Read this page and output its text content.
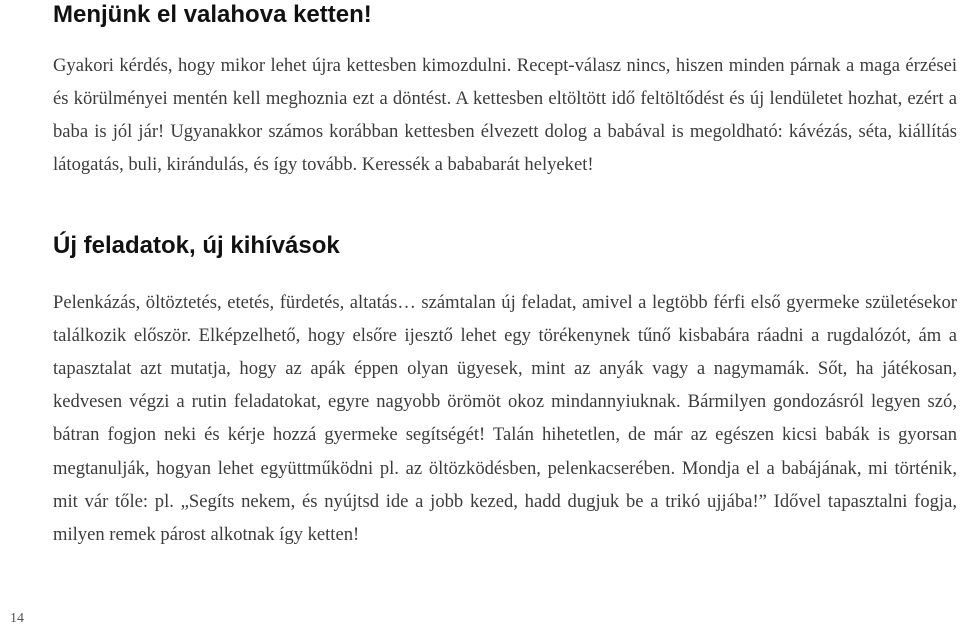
Menjünk el valahova ketten!

Gyakori kérdés, hogy mikor lehet újra kettesben kimozdulni. Recept-válasz nincs, hiszen minden párnak a maga érzései és körülményei mentén kell meghoznia ezt a döntést. A kettesben eltöltött idő feltöltődést és új lendületet hozhat, ezért a baba is jól jár! Ugyanakkor számos korábban kettesben élvezett dolog a babával is megoldható: kávézás, séta, kiállítás látogatás, buli, kirándulás, és így tovább. Keressék a bababarát helyeket!

Új feladatok, új kihívások

Pelenkázás, öltöztetés, etetés, fürdetés, altatás… számtalan új feladat, amivel a legtöbb férfi első gyermeke születésekor találkozik először. Elképzelhető, hogy elsőre ijesztő lehet egy törékenynek tűnő kisbabára ráadni a rugdalózót, ám a tapasztalat azt mutatja, hogy az apák éppen olyan ügyesek, mint az anyák vagy a nagymamák. Sőt, ha játékosan, kedvesen végzi a rutin feladatokat, egyre nagyobb örömöt okoz mindannyiuknak. Bármilyen gondozásról legyen szó, bátran fogjon neki és kérje hozzá gyermeke segítségét! Talán hihetetlen, de már az egészen kicsi babák is gyorsan megtanulják, hogyan lehet együttműködni pl. az öltözködésben, pelenkacserében. Mondja el a babájának, mi történik, mit vár tőle: pl. „Segíts nekem, és nyújtsd ide a jobb kezed, hadd dugjuk be a trikó ujjába!” Idővel tapasztalni fogja, milyen remek párost alkotnak így ketten!

14
